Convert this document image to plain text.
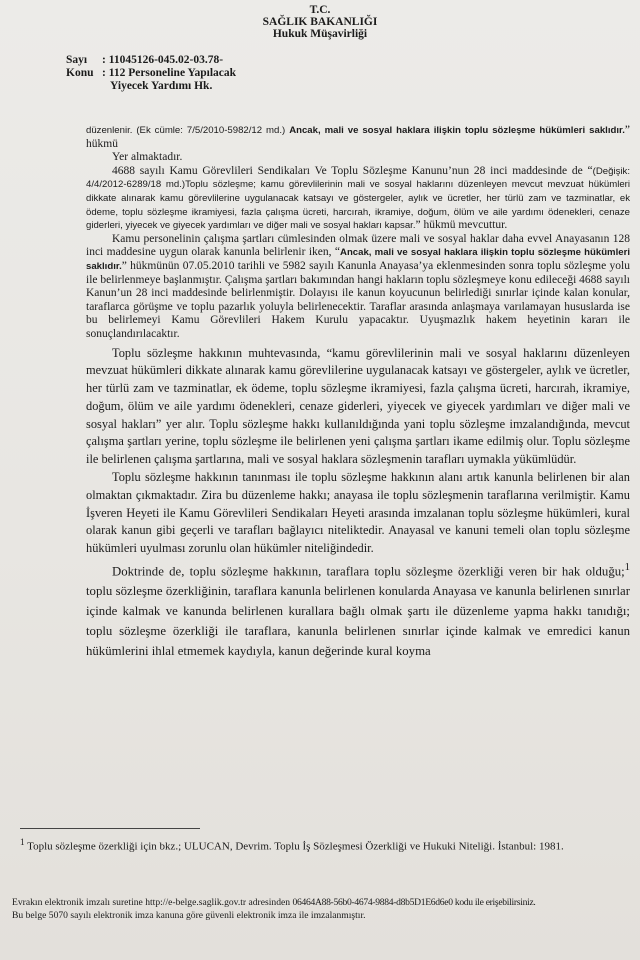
T.C.
SAĞLIK BAKANLIĞI
Hukuk Müşavirliği
Sayı	: 11045126-045.02-03.78-
Konu : 112 Personeline Yapılacak
Yiyecek Yardımı Hk.

düzenlenir. (Ek cümle: 7/5/2010-5982/12 md.) Ancak, mali ve sosyal haklara ilişkin toplu sözleşme hükümleri saklıdır.” hükmü

Yer almaktadır.

4688 sayılı Kamu Görevlileri Sendikaları Ve Toplu Sözleşme Kanunu’nun 28 inci maddesinde de “(Değişik: 4/4/2012-6289/18 md.)Toplu sözleşme; kamu görevlilerinin mali ve sosyal haklarını düzenleyen mevcut mevzuat hükümleri dikkate alınarak kamu görevlilerine uygulanacak katsayı ve göstergeler, aylık ve ücretler, her türlü zam ve tazminatlar, ek ödeme, toplu sözleşme ikramiyesi, fazla çalışma ücreti, harcırah, ikramiye, doğum, ölüm ve aile yardımı ödenekleri, cenaze giderleri, yiyecek ve giyecek yardımları ve diğer mali ve sosyal hakları kapsar.” hükmü mevcuttur.

Kamu personelinin çalışma şartları cümlesinden olmak üzere mali ve sosyal haklar daha evvel Anayasanın 128 inci maddesine uygun olarak kanunla belirlenir iken, “Ancak, mali ve sosyal haklara ilişkin toplu sözleşme hükümleri saklıdır.” hükmünün 07.05.2010 tarihli ve 5982 sayılı Kanunla Anayasa’ya eklenmesinden sonra toplu sözleşme yolu ile belirlenmeye başlanmıştır. Çalışma şartları bakımından hangi hakların toplu sözleşmeye konu edileceği 4688 sayılı Kanun’un 28 inci maddesinde belirlenmiştir. Dolayısı ile kanun koyucunun belirlediği sınırlar içinde kalan konular, taraflarca görüşme ve toplu pazarlık yoluyla belirlenecektir. Taraflar arasında anlaşmaya varılamayan hususlarda ise bu belirlemeyi Kamu Görevlileri Hakem Kurulu yapacaktır. Uyuşmazlık hakem heyetinin kararı ile sonuçlandırılacaktır.

Toplu sözleşme hakkının muhtevasında, “kamu görevlilerinin mali ve sosyal haklarını düzenleyen mevzuat hükümleri dikkate alınarak kamu görevlilerine uygulanacak katsayı ve göstergeler, aylık ve ücretler, her türlü zam ve tazminatlar, ek ödeme, toplu sözleşme ikramiyesi, fazla çalışma ücreti, harcırah, ikramiye, doğum, ölüm ve aile yardımı ödenekleri, cenaze giderleri, yiyecek ve giyecek yardımları ve diğer mali ve sosyal hakları” yer alır. Toplu sözleşme hakkı kullanıldığında yani toplu sözleşme imzalandığında, mevcut çalışma şartları yerine, toplu sözleşme ile belirlenen yeni çalışma şartları ikame edilmiş olur. Toplu sözleşme ile belirlenen çalışma şartlarına, mali ve sosyal haklara sözleşmenin tarafları uymakla yükümlüdür.

Toplu sözleşme hakkının tanınması ile toplu sözleşme hakkının alanı artık kanunla belirlenen bir alan olmaktan çıkmaktadır. Zira bu düzenleme hakkı; anayasa ile toplu sözleşmenin taraflarına verilmiştir. Kamu İşveren Heyeti ile Kamu Görevlileri Sendikaları Heyeti arasında imzalanan toplu sözleşme hükümleri, kural olarak kanun gibi geçerli ve tarafları bağlayıcı niteliktedir. Anayasal ve kanuni temeli olan toplu sözleşme hükümleri uyulması zorunlu olan hükümler niteliğindedir.

Doktrinde de, toplu sözleşme hakkının, taraflara toplu sözleşme özerkliği veren bir hak olduğu;$^1$ toplu sözleşme özerkliğinin, taraflara kanunla belirlenen konularda Anayasa ve kanunla belirlenen sınırlar içinde kalmak ve kanunda belirlenen kurallara bağlı olmak şartı ile düzenleme yapma hakkı tanıdığı; toplu sözleşme özerkliği ile taraflara, kanunla belirlenen sınırlar içinde kalmak ve emredici kanun hükümlerini ihlal etmemek kaydıyla, kanun değerinde kural koyma

$^1$ Toplu sözleşme özerkliği için bkz.; ULUCAN, Devrim. Toplu İş Sözleşmesi Özerkliği ve Hukuki Niteliği. İstanbul: 1981.
Evrakın elektronik imzalı suretine http://e-belge.saglik.gov.tr adresinden 06464A88-56b0-4674-9884-d8b5D1E6d6e0 kodu ile erişebilirsiniz.
Bu belge 5070 sayılı elektronik imza kanuna göre güvenli elektronik imza ile imzalanmıştır.
